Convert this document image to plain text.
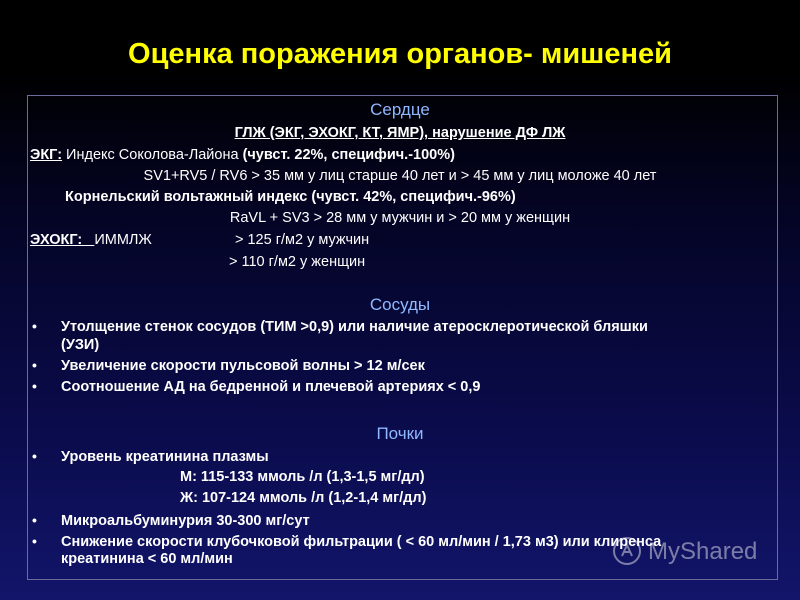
Оценка поражения органов- мишеней
Сердце
ГЛЖ (ЭКГ, ЭХОКГ, КТ, ЯМР), нарушение ДФ ЛЖ
ЭКГ: Индекс Соколова-Лайона (чувст. 22%, специфич.-100%)
SV1+RV5 / RV6 > 35 мм у лиц старше 40 лет и > 45 мм у лиц моложе 40 лет
Корнельский вольтажный индекс (чувст. 42%, специфич.-96%)
RaVL + SV3 > 28 мм у мужчин и > 20 мм у женщин
ЭХОКГ:   ИММЛЖ	> 125 г/м2 у мужчин
> 110 г/м2 у женщин
Сосуды
• Утолщение стенок сосудов (ТИМ >0,9) или наличие атеросклеротической бляшки
(УЗИ)
• Увеличение скорости пульсовой волны > 12 м/сек
• Соотношение АД на бедренной и плечевой артериях < 0,9
Почки
• Уровень креатинина плазмы
М: 115-133 ммоль /л (1,3-1,5 мг/дл)
Ж: 107-124 ммоль /л (1,2-1,4 мг/дл)
• Микроальбуминурия 30-300 мг/сут
• Снижение скорости клубочковой фильтрации ( < 60 мл/мин / 1,73 м3) или клиренса
креатинина < 60 мл/мин	MyShared
